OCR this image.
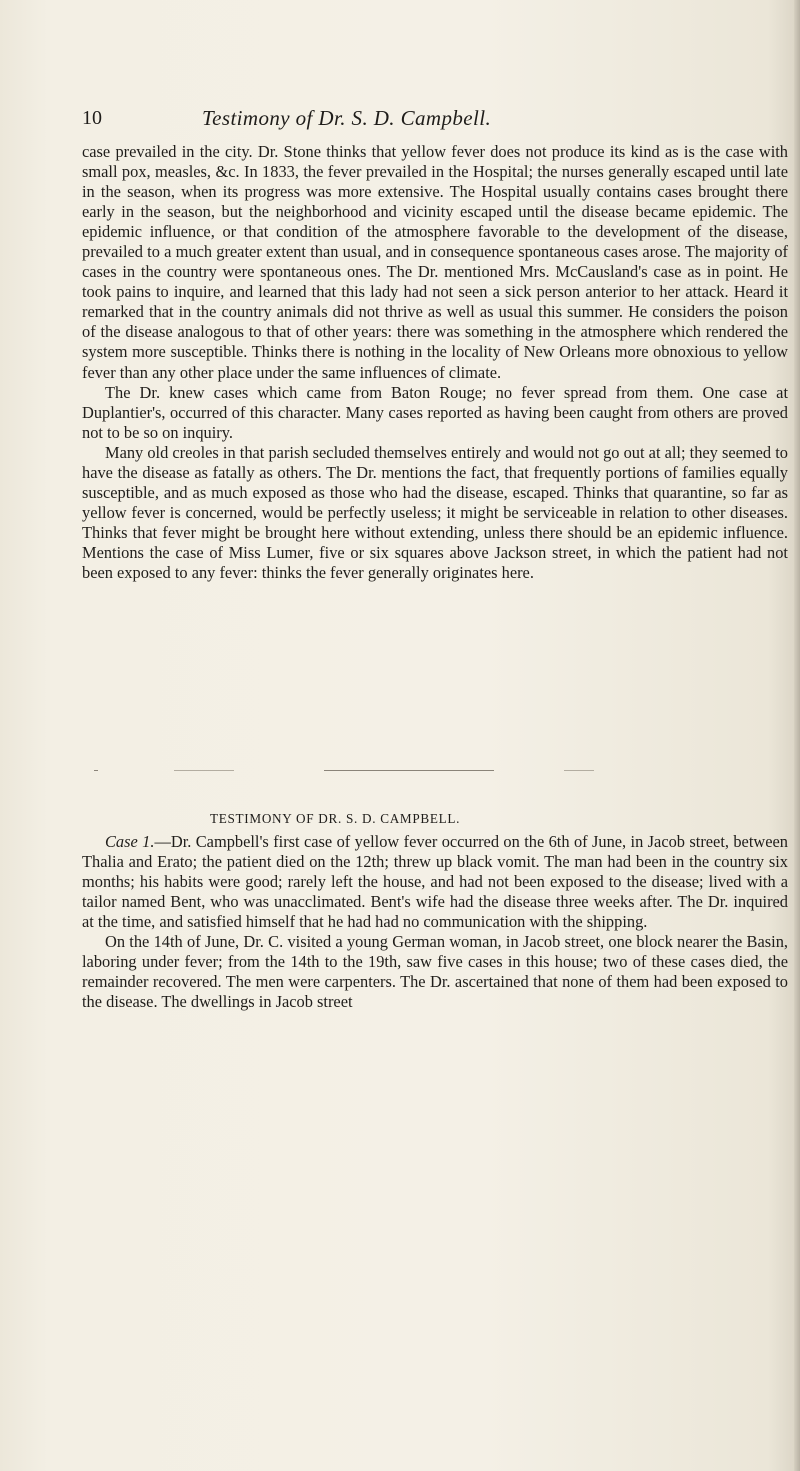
10	Testimony of Dr. S. D. Campbell.

case prevailed in the city. Dr. Stone thinks that yellow fever does not produce its kind as is the case with small pox, measles, &c. In 1833, the fever prevailed in the Hospital; the nurses generally escaped until late in the season, when its progress was more extensive. The Hospital usually contains cases brought there early in the season, but the neighborhood and vicinity escaped until the disease became epidemic. The epidemic influence, or that condition of the atmosphere favorable to the development of the disease, prevailed to a much greater extent than usual, and in consequence spontaneous cases arose. The majority of cases in the country were spontaneous ones. The Dr. mentioned Mrs. McCausland's case as in point. He took pains to inquire, and learned that this lady had not seen a sick person anterior to her attack. Heard it remarked that in the country animals did not thrive as well as usual this summer. He considers the poison of the disease analogous to that of other years: there was something in the atmosphere which rendered the system more susceptible. Thinks there is nothing in the locality of New Orleans more obnoxious to yellow fever than any other place under the same influences of climate.

The Dr. knew cases which came from Baton Rouge; no fever spread from them. One case at Duplantier's, occurred of this character. Many cases reported as having been caught from others are proved not to be so on inquiry.

Many old creoles in that parish secluded themselves entirely and would not go out at all; they seemed to have the disease as fatally as others. The Dr. mentions the fact, that frequently portions of families equally susceptible, and as much exposed as those who had the disease, escaped. Thinks that quarantine, so far as yellow fever is concerned, would be perfectly useless; it might be serviceable in relation to other diseases. Thinks that fever might be brought here without extending, unless there should be an epidemic influence. Mentions the case of Miss Lumer, five or six squares above Jackson street, in which the patient had not been exposed to any fever: thinks the fever generally originates here.

TESTIMONY OF DR. S. D. CAMPBELL.

Case 1.—Dr. Campbell's first case of yellow fever occurred on the 6th of June, in Jacob street, between Thalia and Erato; the patient died on the 12th; threw up black vomit. The man had been in the country six months; his habits were good; rarely left the house, and had not been exposed to the disease; lived with a tailor named Bent, who was unacclimated. Bent's wife had the disease three weeks after. The Dr. inquired at the time, and satisfied himself that he had had no communication with the shipping.

On the 14th of June, Dr. C. visited a young German woman, in Jacob street, one block nearer the Basin, laboring under fever; from the 14th to the 19th, saw five cases in this house; two of these cases died, the remainder recovered. The men were carpenters. The Dr. ascertained that none of them had been exposed to the disease. The dwellings in Jacob street
